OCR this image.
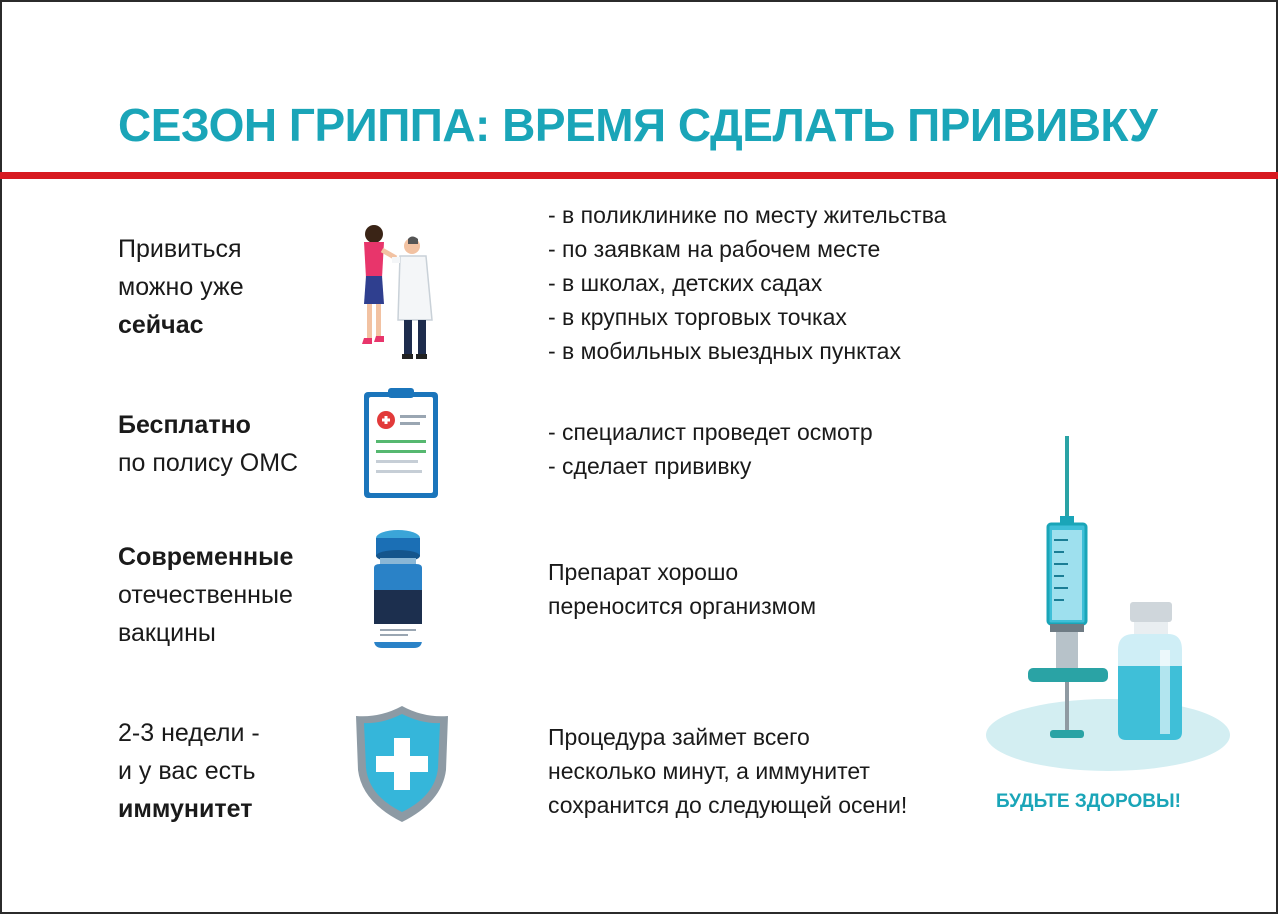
СЕЗОН ГРИППА: ВРЕМЯ СДЕЛАТЬ ПРИВИВКУ
Привиться
можно уже
сейчас
- в поликлинике по месту жительства
- по заявкам на рабочем месте
- в школах, детских садах
- в крупных торговых точках
- в мобильных выездных пунктах
Бесплатно
по полису ОМС
- специалист проведет осмотр
- сделает прививку
Современные
отечественные
вакцины
Препарат хорошо
переносится организмом
2-3 недели -
и у вас есть
иммунитет
Процедура займет всего
несколько минут, а иммунитет
сохранится до следующей осени!	БУДЬТЕ ЗДОРОВЫ!
